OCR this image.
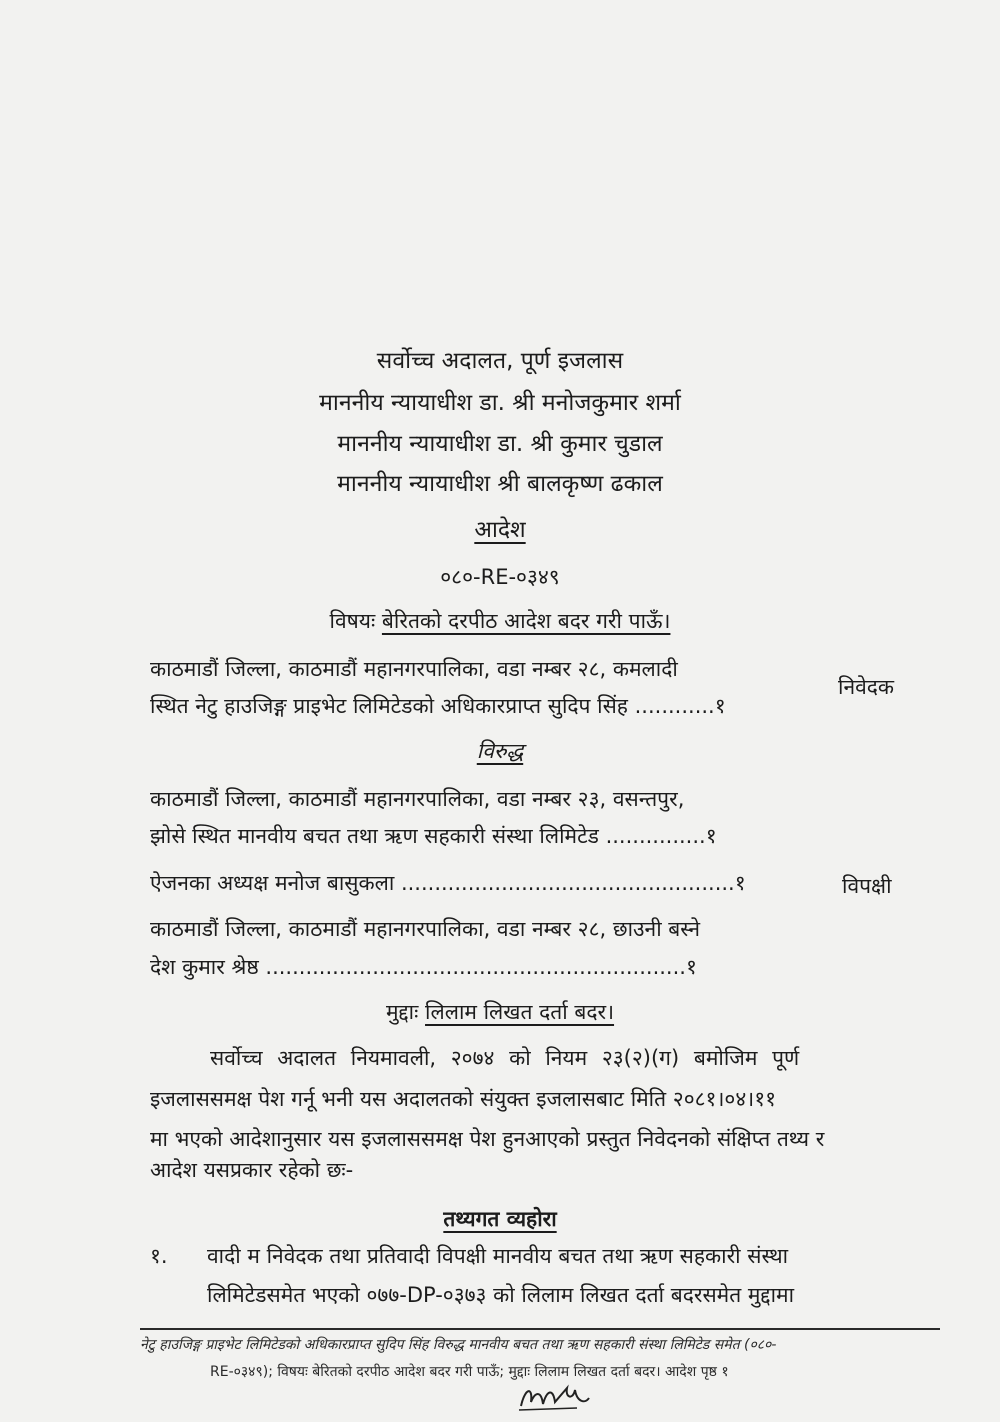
सर्वोच्च अदालत, पूर्ण इजलास
माननीय न्यायाधीश डा. श्री मनोजकुमार शर्मा
माननीय न्यायाधीश डा. श्री कुमार चुडाल
माननीय न्यायाधीश श्री बालकृष्ण ढकाल
आदेश
०८०-RE-०३४९
विषयः बेरितको दरपीठ आदेश बदर गरी पाऊँ।
काठमाडौं जिल्ला, काठमाडौं महानगरपालिका, वडा नम्बर २८, कमलादी
स्थित नेटु हाउजिङ्ग प्राइभेट लिमिटेडको अधिकारप्राप्त सुदिप सिंह ............१
निवेदक
विरुद्ध
काठमाडौं जिल्ला, काठमाडौं महानगरपालिका, वडा नम्बर २३, वसन्तपुर,
झोसे स्थित मानवीय बचत तथा ऋण सहकारी संस्था लिमिटेड ...............१
ऐजनका अध्यक्ष मनोज बासुकला ..................................................१	विपक्षी
काठमाडौं जिल्ला, काठमाडौं महानगरपालिका, वडा नम्बर २८, छाउनी बस्ने
देश कुमार श्रेष्ठ ...............................................................१
मुद्दाः लिलाम लिखत दर्ता बदर।
सर्वोच्च अदालत नियमावली, २०७४ को नियम २३(२)(ग) बमोजिम पूर्ण
इजलाससमक्ष पेश गर्नू भनी यस अदालतको संयुक्त इजलासबाट मिति २०८१।०४।११
मा भएको आदेशानुसार यस इजलाससमक्ष पेश हुनआएको प्रस्तुत निवेदनको संक्षिप्त तथ्य र
आदेश यसप्रकार रहेको छः-
तथ्यगत व्यहोरा
१. वादी म निवेदक तथा प्रतिवादी विपक्षी मानवीय बचत तथा ऋण सहकारी संस्था
लिमिटेडसमेत भएको ०७७-DP-०३७३ को लिलाम लिखत दर्ता बदरसमेत मुद्दामा
नेटु हाउजिङ्ग प्राइभेट लिमिटेडको अधिकारप्राप्त सुदिप सिंह विरुद्ध मानवीय बचत तथा ऋण सहकारी संस्था लिमिटेड समेत (०८०-
RE-०३४९); विषयः बेरितको दरपीठ आदेश बदर गरी पाऊँ; मुद्दाः लिलाम लिखत दर्ता बदर। आदेश पृष्ठ १
